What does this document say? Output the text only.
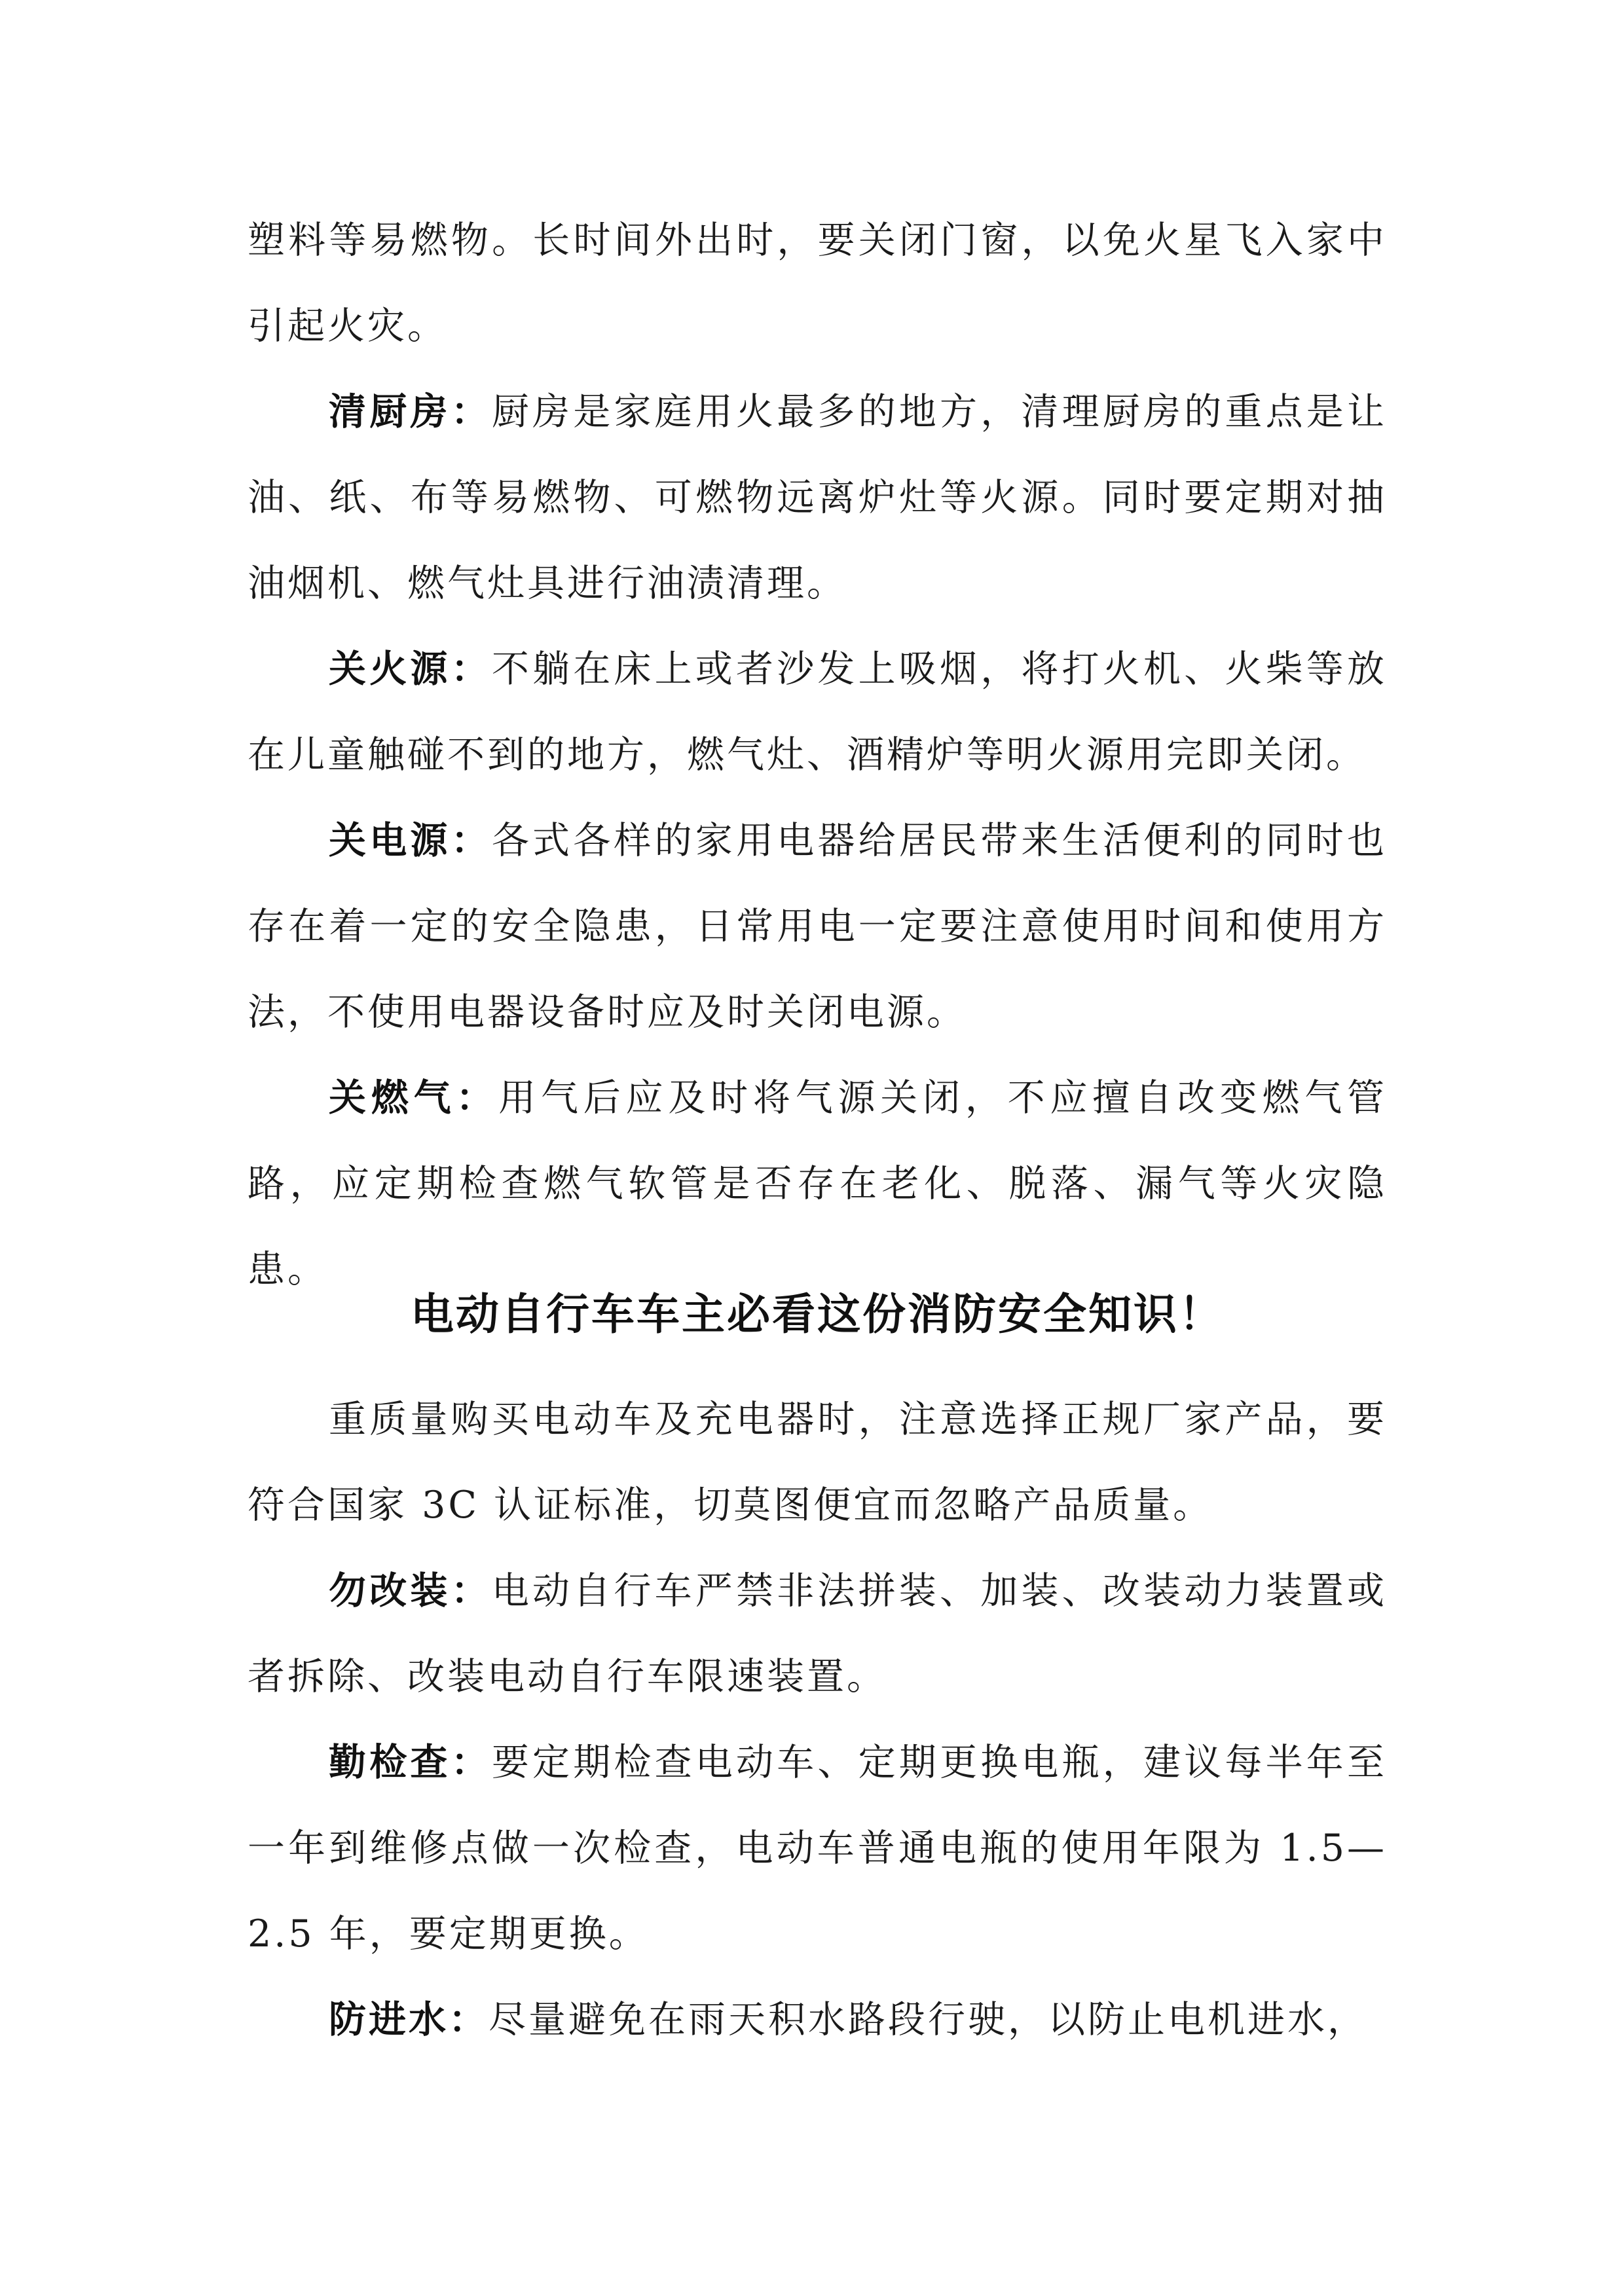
塑料等易燃物。长时间外出时，要关闭门窗，以免火星飞入家中引起火灾。

清厨房：厨房是家庭用火最多的地方，清理厨房的重点是让油、纸、布等易燃物、可燃物远离炉灶等火源。同时要定期对抽油烟机、燃气灶具进行油渍清理。

关火源：不躺在床上或者沙发上吸烟，将打火机、火柴等放在儿童触碰不到的地方，燃气灶、酒精炉等明火源用完即关闭。

关电源：各式各样的家用电器给居民带来生活便利的同时也存在着一定的安全隐患，日常用电一定要注意使用时间和使用方法，不使用电器设备时应及时关闭电源。

关燃气：用气后应及时将气源关闭，不应擅自改变燃气管路，应定期检查燃气软管是否存在老化、脱落、漏气等火灾隐患。

电动自行车车主必看这份消防安全知识！

重质量购买电动车及充电器时，注意选择正规厂家产品，要符合国家 3C 认证标准，切莫图便宜而忽略产品质量。

勿改装：电动自行车严禁非法拼装、加装、改装动力装置或者拆除、改装电动自行车限速装置。

勤检查：要定期检查电动车、定期更换电瓶，建议每半年至一年到维修点做一次检查，电动车普通电瓶的使用年限为 1.5—2.5 年，要定期更换。

防进水：尽量避免在雨天积水路段行驶，以防止电机进水，
